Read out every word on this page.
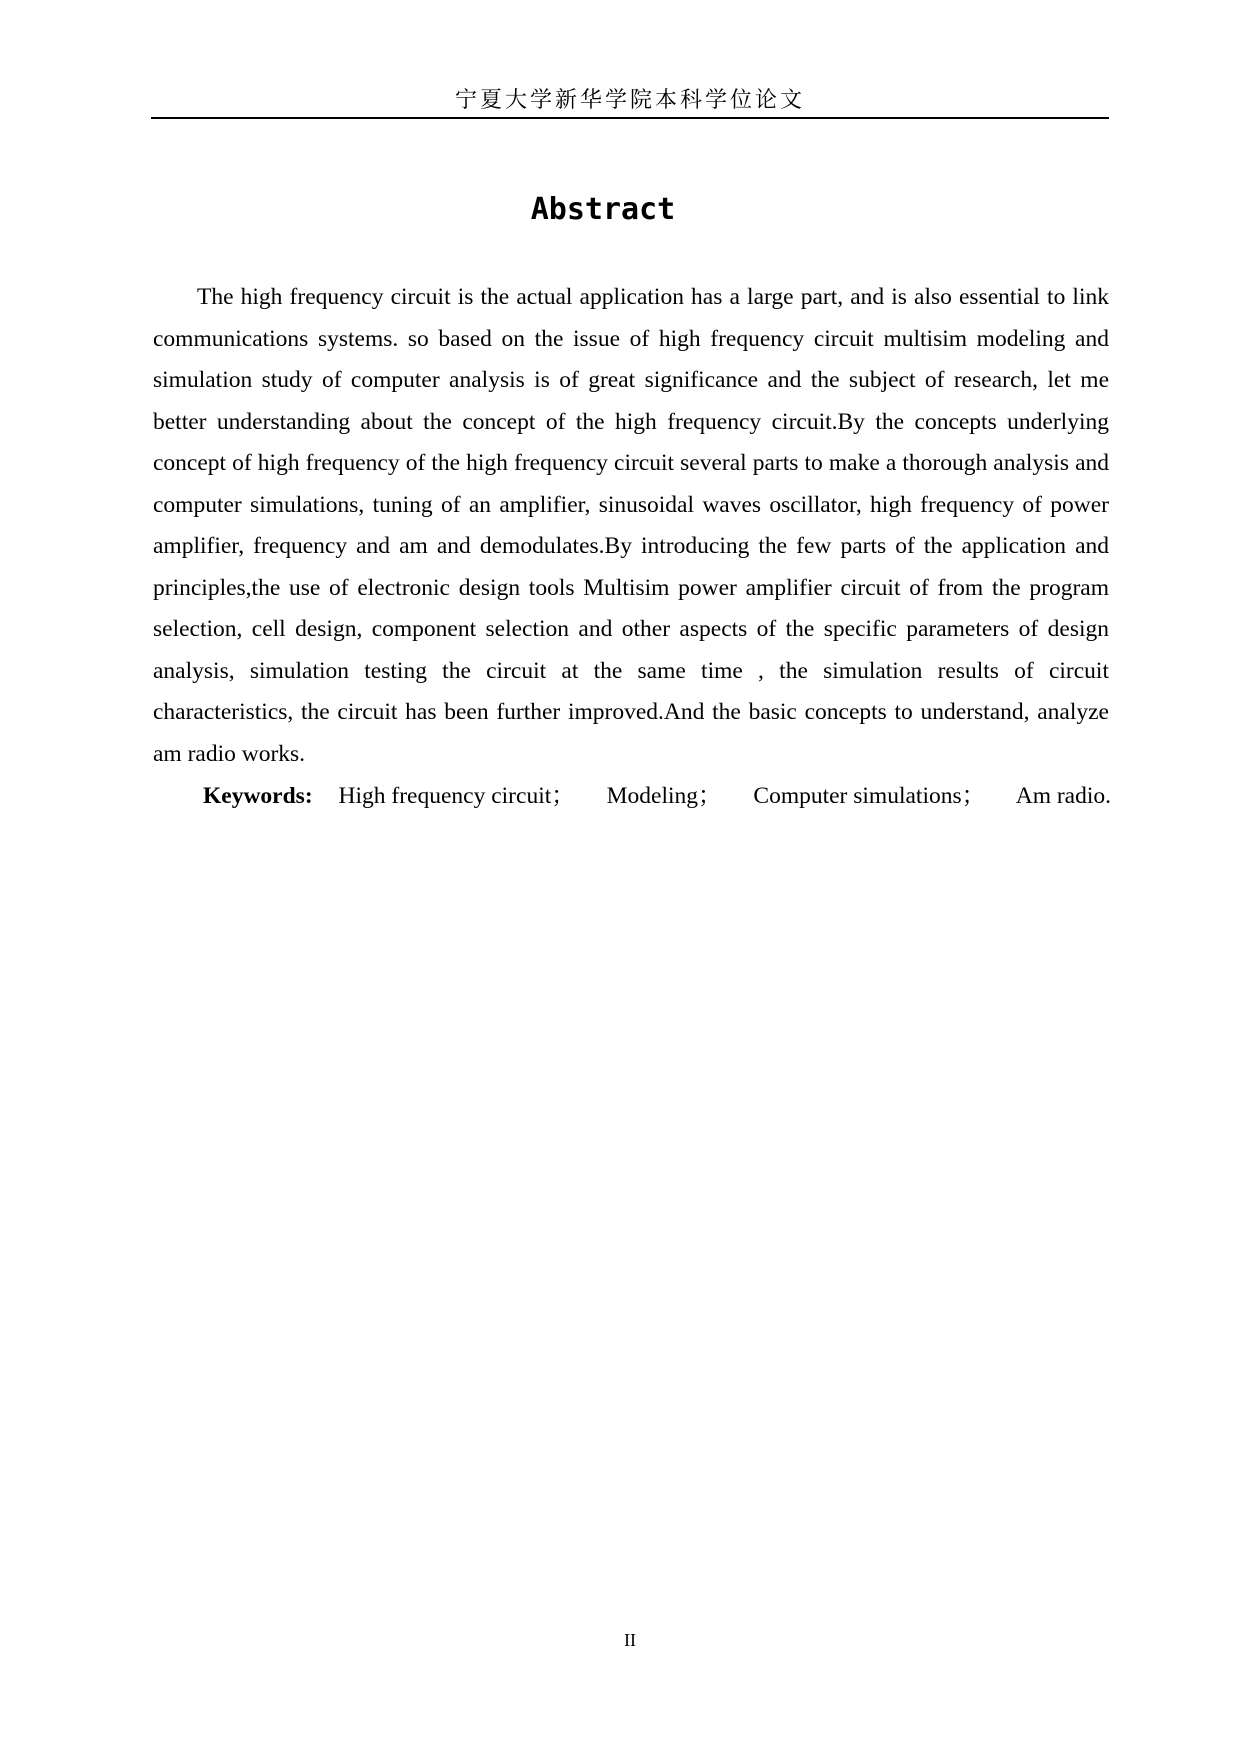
宁夏大学新华学院本科学位论文
Abstract

The high frequency circuit is the actual application has a large part, and is also essential to link communications systems. so based on the issue of high frequency circuit multisim modeling and simulation study of computer analysis is of great significance and the subject of research, let me better understanding about the concept of the high frequency circuit.By the concepts underlying concept of high frequency of the high frequency circuit several parts to make a thorough analysis and computer simulations, tuning of an amplifier, sinusoidal waves oscillator, high frequency of power amplifier, frequency and am and demodulates.By introducing the few parts of the application and principles,the use of electronic design tools Multisim power amplifier circuit of from the program selection, cell design, component selection and other aspects of the specific parameters of design analysis, simulation testing the circuit at the same time , the simulation results of circuit characteristics, the circuit has been further improved.And the basic concepts to understand, analyze am radio works.

Keywords: High frequency circuit； Modeling； Computer simulations； Am radio.
II
